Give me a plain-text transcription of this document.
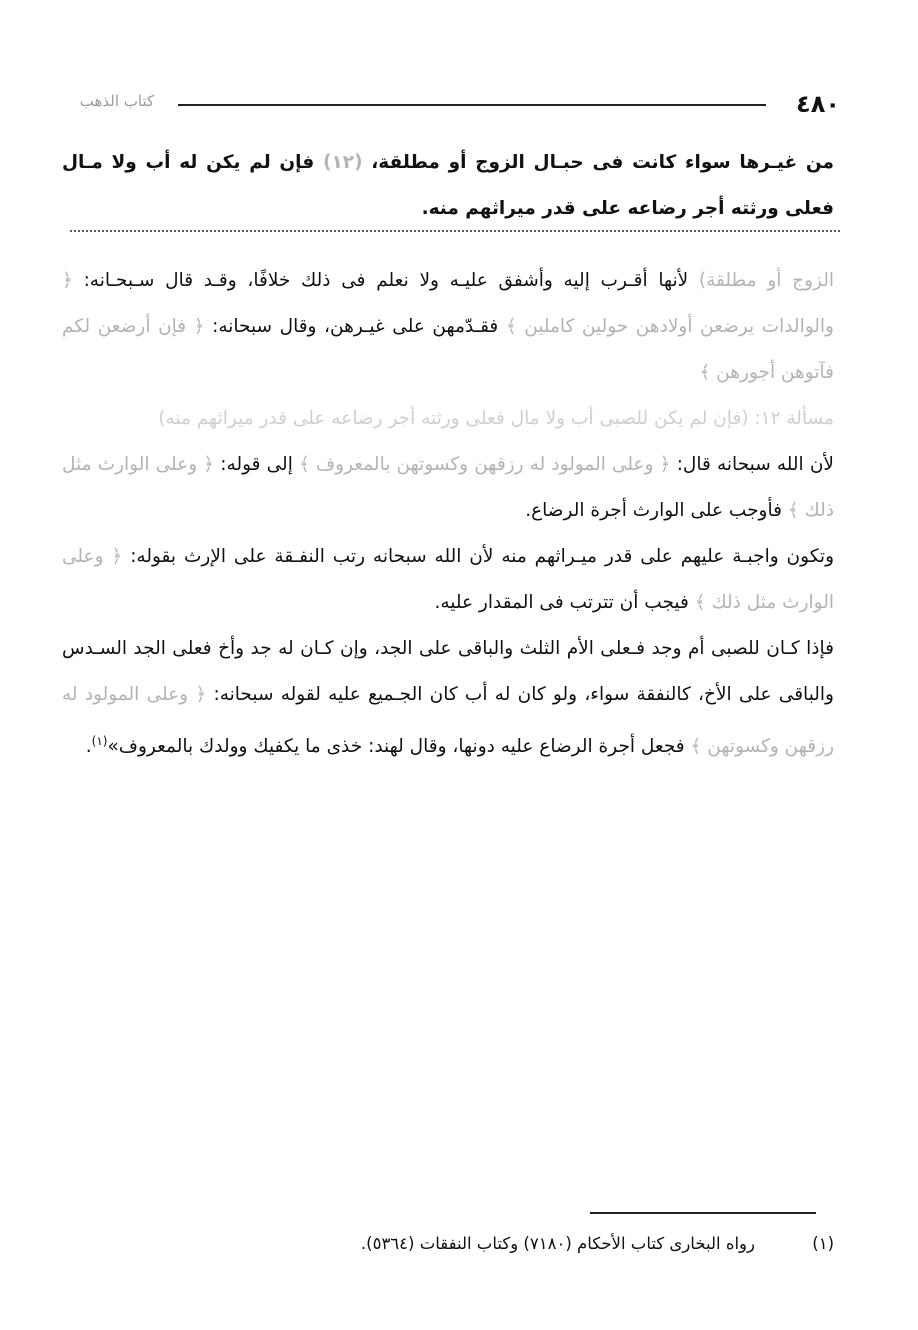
٤٨٠
كتاب الذهب
من غيـرها سواء كانت فى حبـال الزوج أو مطلقة، (١٢) فإن لم يكن له أب ولا مـال فعلى ورثته أجر رضاعه على قدر ميراثهم منه.

الزوج أو مطلقة) لأنها أقـرب إليه وأشفق عليـه ولا نعلم فى ذلك خلافًا، وقـد قال سـبحـانه: ﴿ والوالدات يرضعن أولادهن حولين كاملين ﴾ فقـدّمهن على غيـرهن، وقال سبحانه: ﴿ فإن أرضعن لكم فآتوهن أجورهن ﴾

مسألة ١٢: (فإن لم يكن للصبى أب ولا مال فعلى ورثته أجر رضاعه على قدر ميراثهم منه)

لأن الله سبحانه قال: ﴿ وعلى المولود له رزقهن وكسوتهن بالمعروف ﴾ إلى قوله: ﴿ وعلى الوارث مثل ذلك ﴾ فأوجب على الوارث أجرة الرضاع.

وتكون واجبـة عليهم على قدر ميـراثهم منه لأن الله سبحانه رتب النفـقة على الإرث بقوله: ﴿ وعلى الوارث مثل ذلك ﴾ فيجب أن تترتب فى المقدار عليه.

فإذا كـان للصبى أم وجد فـعلى الأم الثلث والباقى على الجد، وإن كـان له جد وأخ فعلى الجد السـدس والباقى على الأخ، كالنفقة سواء، ولو كان له أب كان الجـميع عليه لقوله سبحانه: ﴿ وعلى المولود له رزقهن وكسوتهن ﴾ فجعل أجرة الرضاع عليه دونها، وقال لهند: خذى ما يكفيك وولدك بالمعروف»$^{(١)}$.

(١) رواه البخارى كتاب الأحكام (٧١٨٠) وكتاب النفقات (٥٣٦٤).
